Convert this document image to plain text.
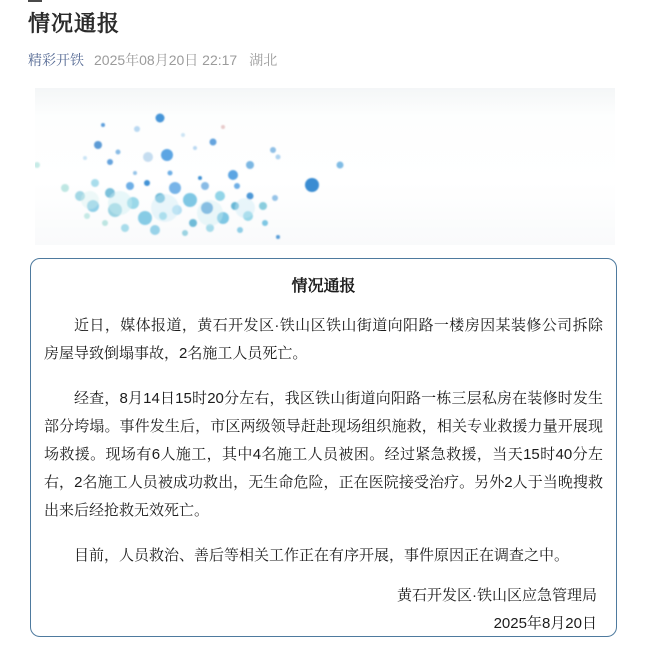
情况通报
精彩开铁 2025年08月20日 22:17 湖北
情况通报

近日，媒体报道，黄石开发区·铁山区铁山街道向阳路一楼房因某装修公司拆除房屋导致倒塌事故，2名施工人员死亡。

经查，8月14日15时20分左右，我区铁山街道向阳路一栋三层私房在装修时发生部分垮塌。事件发生后，市区两级领导赶赴现场组织施救，相关专业救援力量开展现场救援。现场有6人施工，其中4名施工人员被困。经过紧急救援，当天15时40分左右，2名施工人员被成功救出，无生命危险，正在医院接受治疗。另外2人于当晚搜救出来后经抢救无效死亡。

目前，人员救治、善后等相关工作正在有序开展，事件原因正在调查之中。

黄石开发区·铁山区应急管理局
2025年8月20日
